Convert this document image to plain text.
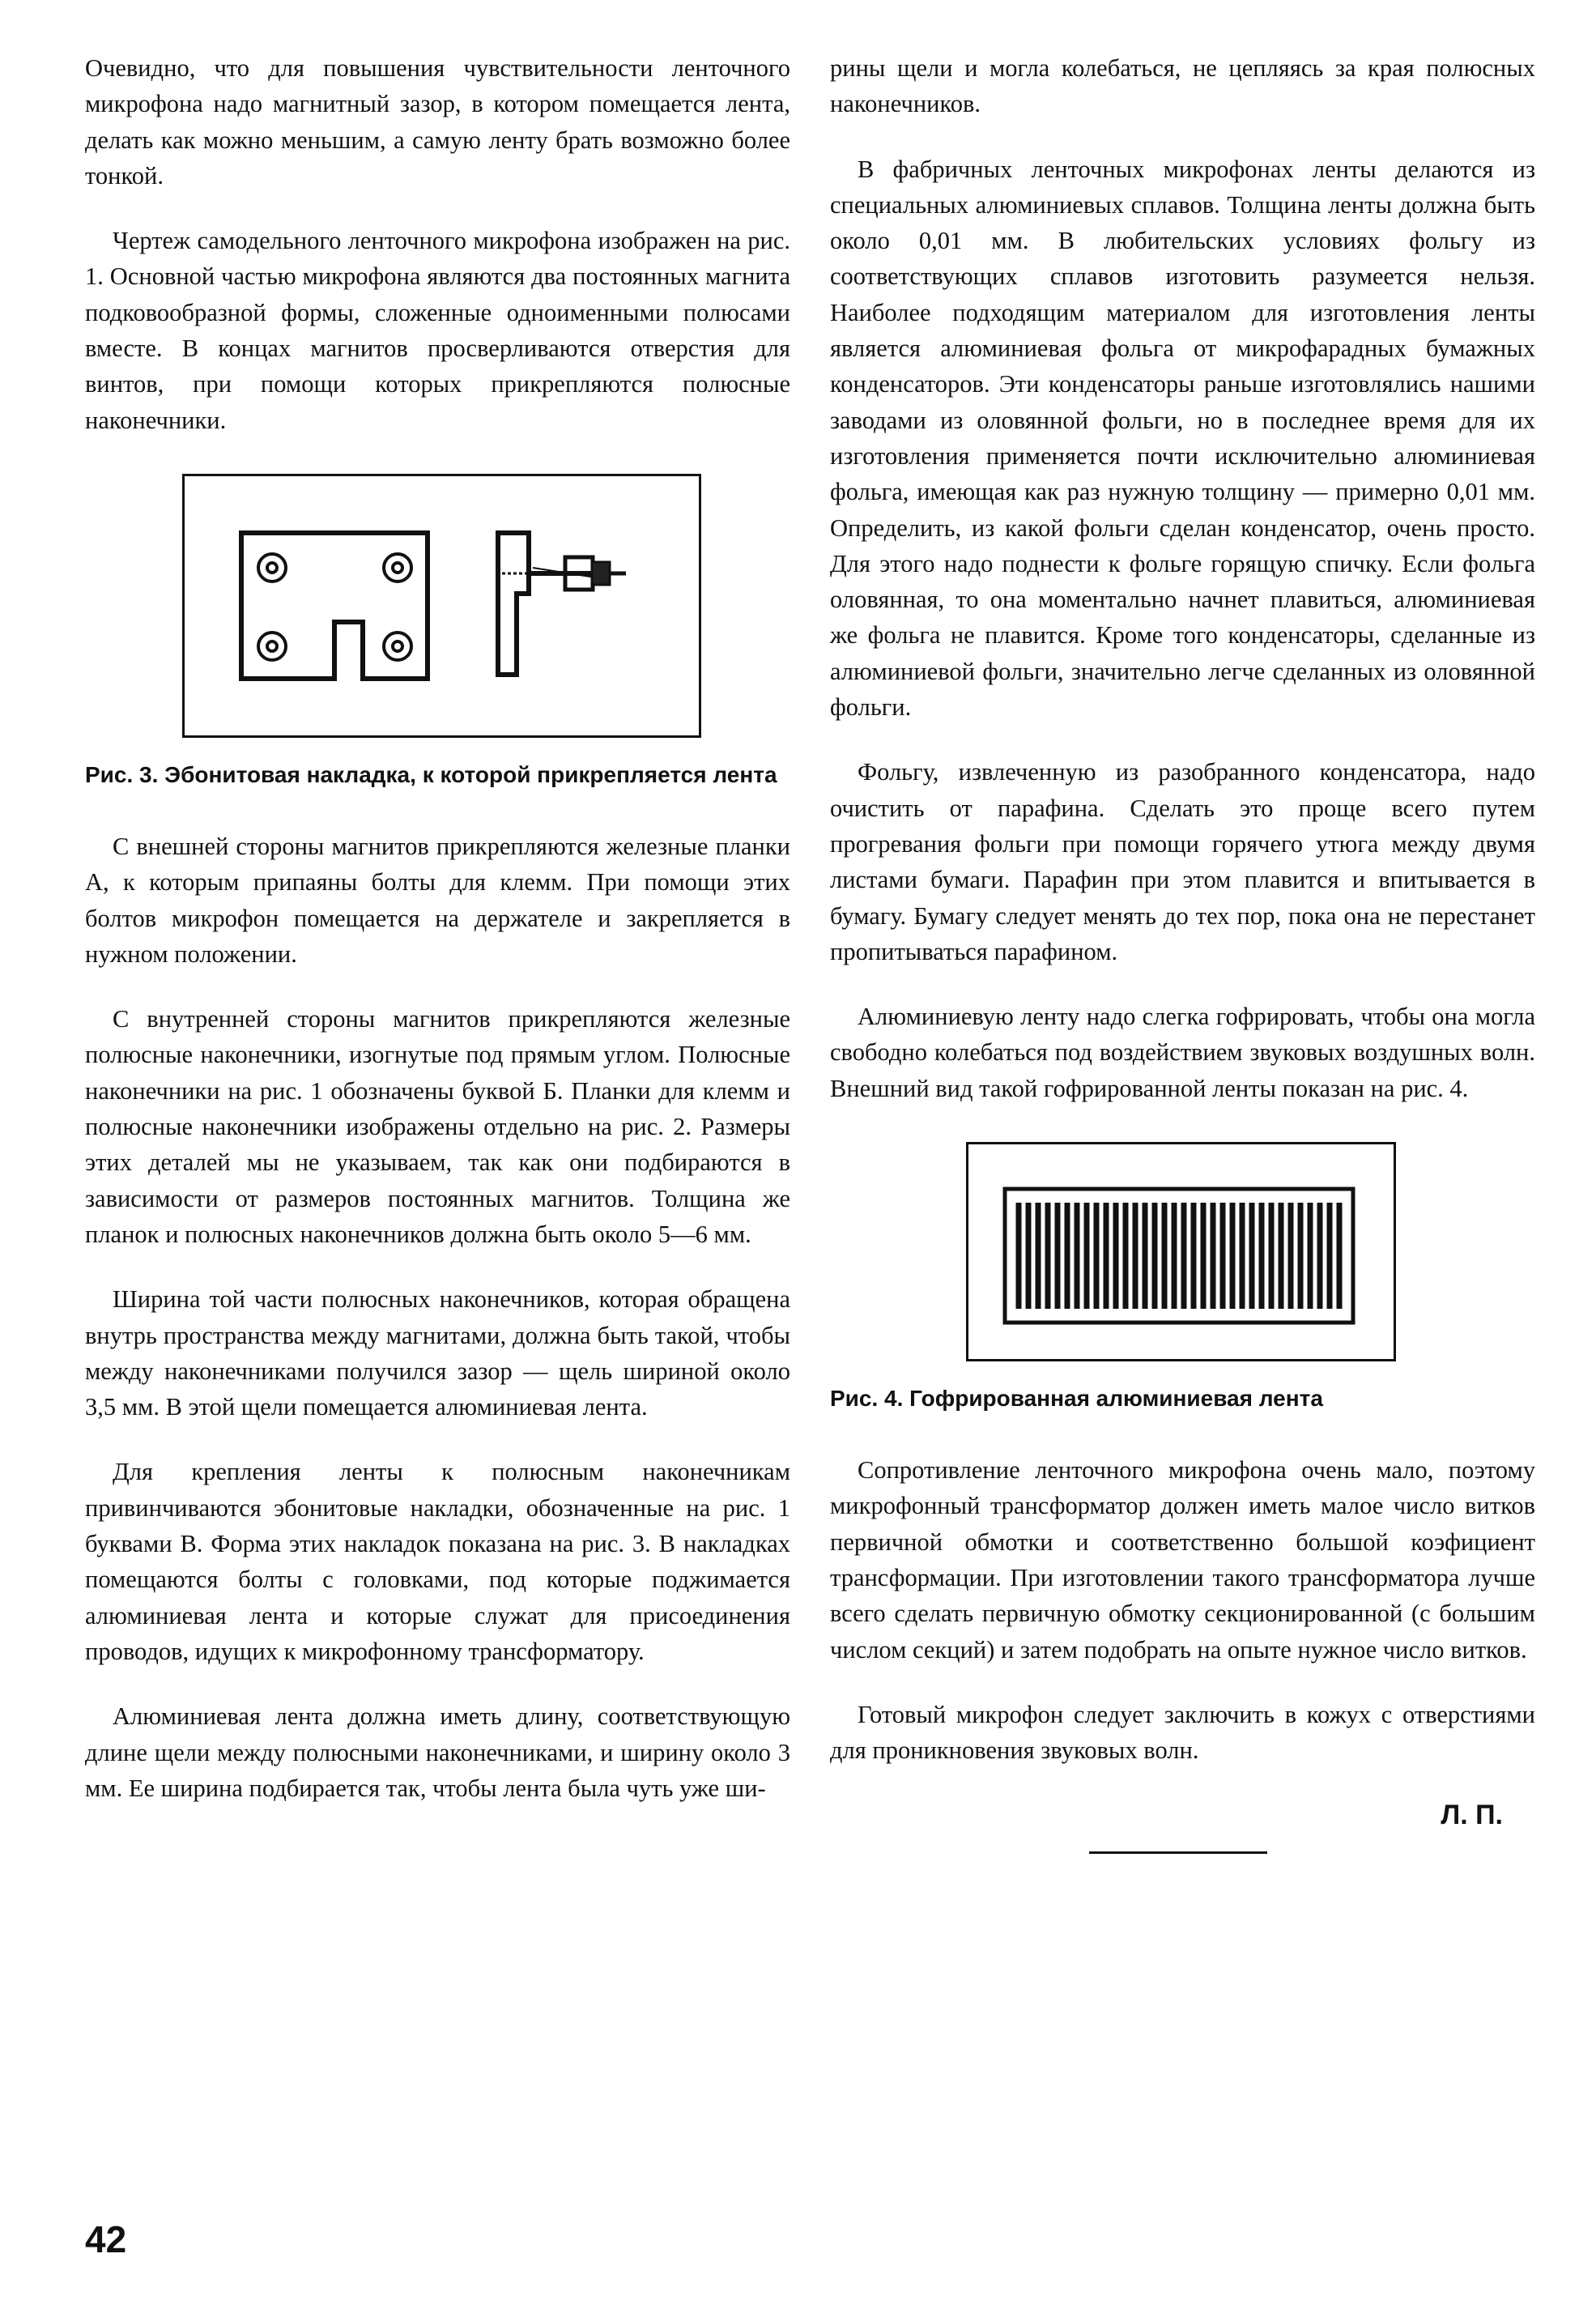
Очевидно, что для повышения чувствительности ленточного микрофона надо магнитный зазор, в котором помещается лента, делать как можно меньшим, а самую ленту брать возможно более тонкой.

Чертеж самодельного ленточного микрофона изображен на рис. 1. Основной частью микрофона являются два постоянных магнита подковообразной формы, сложенные одноименными полюсами вместе. В концах магнитов просверливаются отверстия для винтов, при помощи которых прикрепляются полюсные наконечники.

Рис. 3. Эбонитовая накладка, к которой прикрепляется лента

С внешней стороны магнитов прикрепляются железные планки А, к которым припаяны болты для клемм. При помощи этих болтов микрофон помещается на держателе и закрепляется в нужном положении.

С внутренней стороны магнитов прикрепляются железные полюсные наконечники, изогнутые под прямым углом. Полюсные наконечники на рис. 1 обозначены буквой Б. Планки для клемм и полюсные наконечники изображены отдельно на рис. 2. Размеры этих деталей мы не указываем, так как они подбираются в зависимости от размеров постоянных магнитов. Толщина же планок и полюсных наконечников должна быть около 5—6 мм.

Ширина той части полюсных наконечников, которая обращена внутрь пространства между магнитами, должна быть такой, чтобы между наконечниками получился зазор — щель шириной около 3,5 мм. В этой щели помещается алюминиевая лента.

Для крепления ленты к полюсным наконечникам привинчиваются эбонитовые накладки, обозначенные на рис. 1 буквами В. Форма этих накладок показана на рис. 3. В накладках помещаются болты с головками, под которые поджимается алюминиевая лента и которые служат для присоединения проводов, идущих к микрофонному трансформатору.

Алюминиевая лента должна иметь длину, соответствующую длине щели между полюсными наконечниками, и ширину около 3 мм. Ее ширина подбирается так, чтобы лента была чуть уже ши-

рины щели и могла колебаться, не цепляясь за края полюсных наконечников.

В фабричных ленточных микрофонах ленты делаются из специальных алюминиевых сплавов. Толщина ленты должна быть около 0,01 мм. В любительских условиях фольгу из соответствующих сплавов изготовить разумеется нельзя. Наиболее подходящим материалом для изготовления ленты является алюминиевая фольга от микрофарадных бумажных конденсаторов. Эти конденсаторы раньше изготовлялись нашими заводами из оловянной фольги, но в последнее время для их изготовления применяется почти исключительно алюминиевая фольга, имеющая как раз нужную толщину — примерно 0,01 мм. Определить, из какой фольги сделан конденсатор, очень просто. Для этого надо поднести к фольге горящую спичку. Если фольга оловянная, то она моментально начнет плавиться, алюминиевая же фольга не плавится. Кроме того конденсаторы, сделанные из алюминиевой фольги, значительно легче сделанных из оловянной фольги.

Фольгу, извлеченную из разобранного конденсатора, надо очистить от парафина. Сделать это проще всего путем прогревания фольги при помощи горячего утюга между двумя листами бумаги. Парафин при этом плавится и впитывается в бумагу. Бумагу следует менять до тех пор, пока она не перестанет пропитываться парафином.

Алюминиевую ленту надо слегка гофрировать, чтобы она могла свободно колебаться под воздействием звуковых воздушных волн. Внешний вид такой гофрированной ленты показан на рис. 4.

Рис. 4. Гофрированная алюминиевая лента

Сопротивление ленточного микрофона очень мало, поэтому микрофонный трансформатор должен иметь малое число витков первичной обмотки и соответственно большой коэфициент трансформации. При изготовлении такого трансформатора лучше всего сделать первичную обмотку секционированной (с большим числом секций) и затем подобрать на опыте нужное число витков.

Готовый микрофон следует заключить в кожух с отверстиями для проникновения звуковых волн.

Л. П.
42
